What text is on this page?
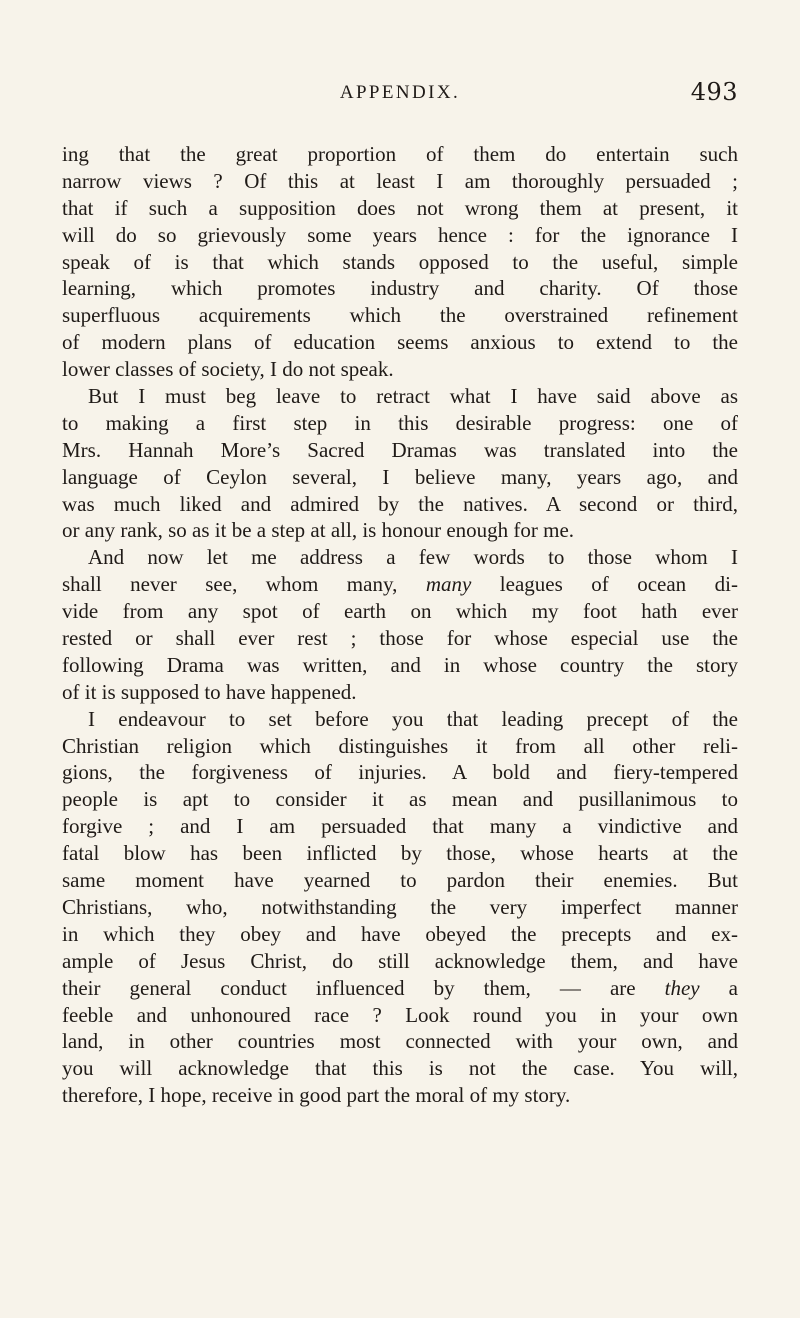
APPENDIX.	493
ing that the great proportion of them do entertain such
narrow views ? Of this at least I am thoroughly persuaded ;
that if such a supposition does not wrong them at present, it
will do so grievously some years hence : for the ignorance I
speak of is that which stands opposed to the useful, simple
learning, which promotes industry and charity. Of those
superfluous acquirements which the overstrained refinement
of modern plans of education seems anxious to extend to the
lower classes of society, I do not speak.
But I must beg leave to retract what I have said above as
to making a first step in this desirable progress: one of
Mrs. Hannah More’s Sacred Dramas was translated into the
language of Ceylon several, I believe many, years ago, and
was much liked and admired by the natives. A second or third,
or any rank, so as it be a step at all, is honour enough for me.
And now let me address a few words to those whom I
shall never see, whom many, many leagues of ocean di-
vide from any spot of earth on which my foot hath ever
rested or shall ever rest ; those for whose especial use the
following Drama was written, and in whose country the story
of it is supposed to have happened.
I endeavour to set before you that leading precept of the
Christian religion which distinguishes it from all other reli-
gions, the forgiveness of injuries. A bold and fiery-tempered
people is apt to consider it as mean and pusillanimous to
forgive ; and I am persuaded that many a vindictive and
fatal blow has been inflicted by those, whose hearts at the
same moment have yearned to pardon their enemies. But
Christians, who, notwithstanding the very imperfect manner
in which they obey and have obeyed the precepts and ex-
ample of Jesus Christ, do still acknowledge them, and have
their general conduct influenced by them, — are they a
feeble and unhonoured race ? Look round you in your own
land, in other countries most connected with your own, and
you will acknowledge that this is not the case. You will,
therefore, I hope, receive in good part the moral of my story.
